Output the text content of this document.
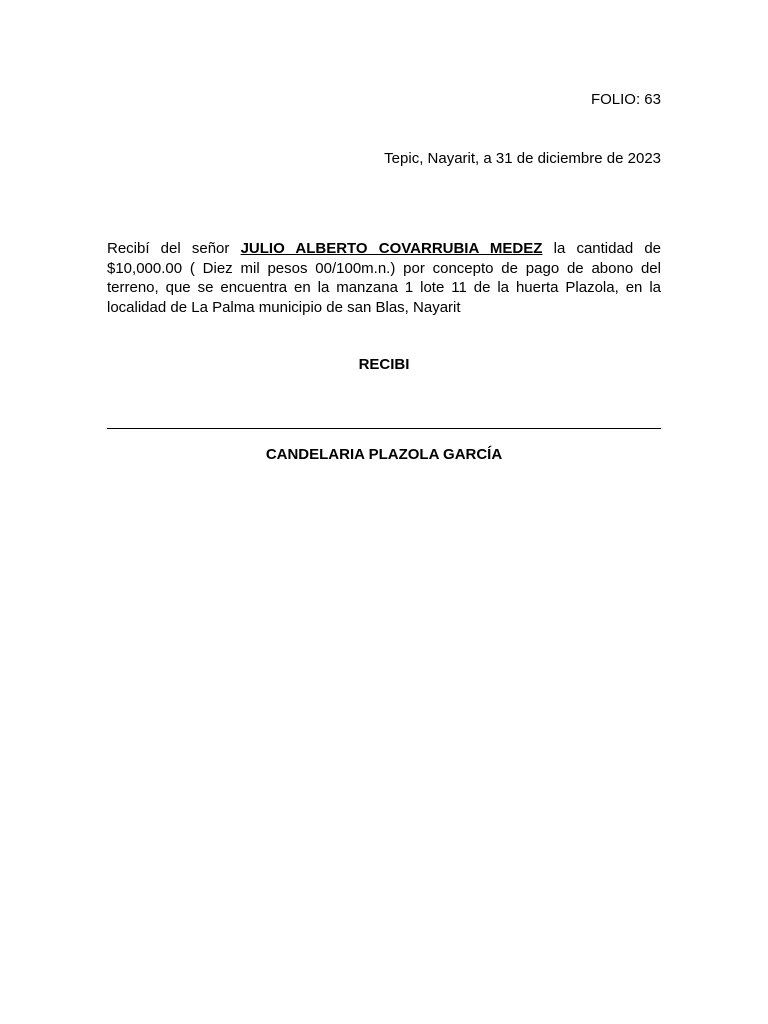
FOLIO: 63
Tepic, Nayarit, a 31 de diciembre de 2023

Recibí del señor JULIO ALBERTO COVARRUBIA MEDEZ la cantidad de $10,000.00 ( Diez mil pesos 00/100m.n.) por concepto de pago de abono del terreno, que se encuentra en la manzana 1 lote 11 de la huerta Plazola, en la localidad de La Palma municipio de san Blas, Nayarit

RECIBI
CANDELARIA PLAZOLA GARCÍA
